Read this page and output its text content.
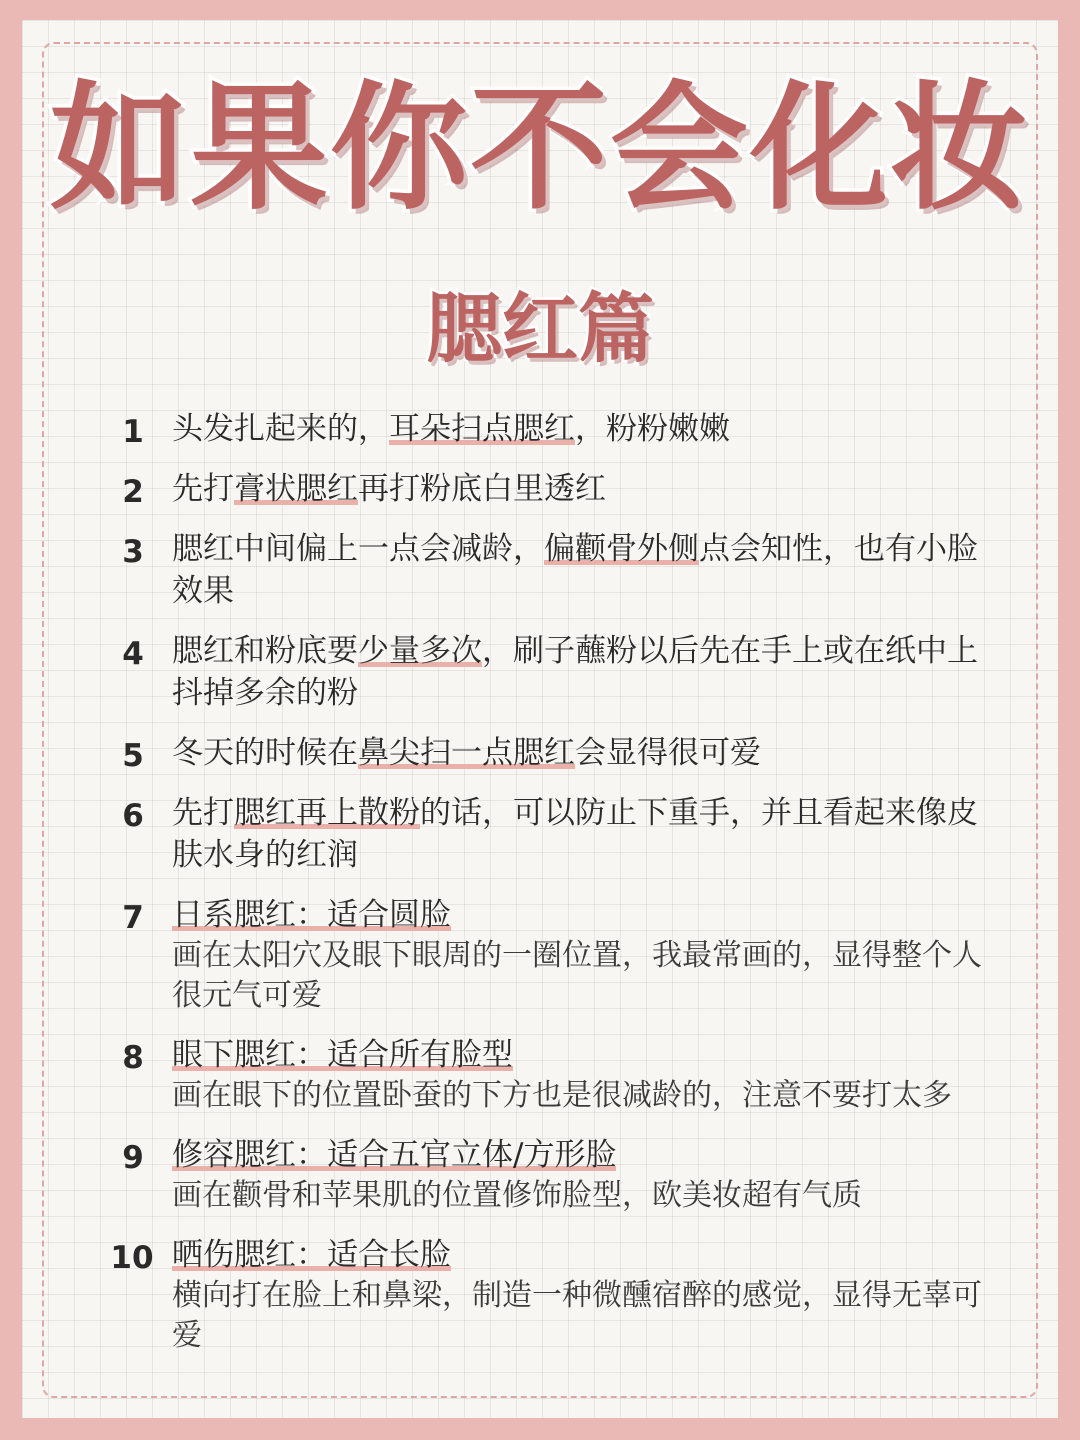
如果你不会化妆
腮红篇
1 头发扎起来的，耳朵扫点腮红，粉粉嫩嫩
2 先打膏状腮红再打粉底白里透红
3 腮红中间偏上一点会减龄，偏颧骨外侧点会知性，也有小脸效果
4 腮红和粉底要少量多次，刷子蘸粉以后先在手上或在纸中上抖掉多余的粉
5 冬天的时候在鼻尖扫一点腮红会显得很可爱
6 先打腮红再上散粉的话，可以防止下重手，并且看起来像皮肤水身的红润
7 日系腮红：适合圆脸
画在太阳穴及眼下眼周的一圈位置，我最常画的，显得整个人很元气可爱
8 眼下腮红：适合所有脸型
画在眼下的位置卧蚕的下方也是很减龄的，注意不要打太多
9 修容腮红：适合五官立体/方形脸
画在颧骨和苹果肌的位置修饰脸型，欧美妆超有气质
10 晒伤腮红：适合长脸
横向打在脸上和鼻梁，制造一种微醺宿醉的感觉，显得无辜可爱
